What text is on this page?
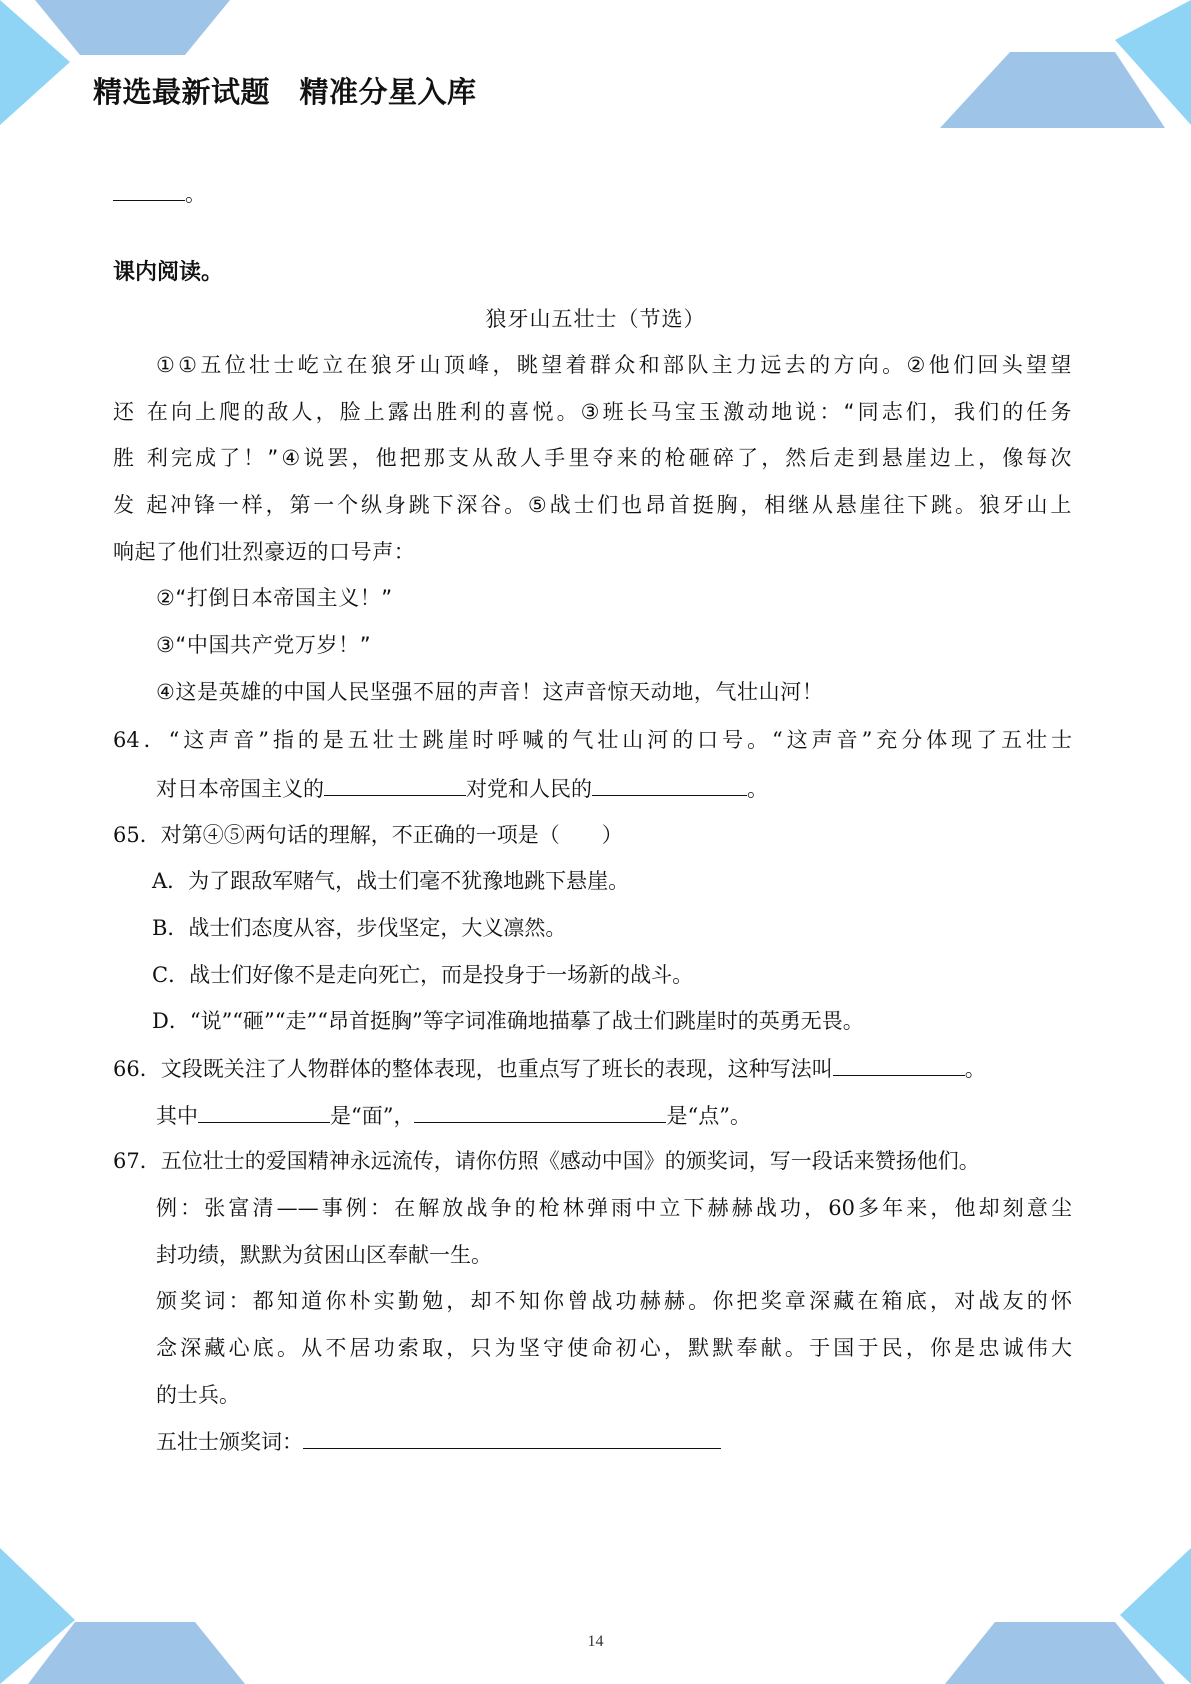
精选最新试题　精准分星入库
。
课内阅读。
狼牙山五壮士（节选）
①①五位壮士屹立在狼牙山顶峰，眺望着群众和部队主力远去的方向。②他们回头望望
还 在向上爬的敌人，脸上露出胜利的喜悦。③班长马宝玉激动地说：“同志们，我们的任务
胜 利完成了！”④说罢，他把那支从敌人手里夺来的枪砸碎了，然后走到悬崖边上，像每次
发 起冲锋一样，第一个纵身跳下深谷。⑤战士们也昂首挺胸，相继从悬崖往下跳。狼牙山上
响起了他们壮烈豪迈的口号声：
②“打倒日本帝国主义！”
③“中国共产党万岁！”
④这是英雄的中国人民坚强不屈的声音！这声音惊天动地，气壮山河！
64．“这声音”指的是五壮士跳崖时呼喊的气壮山河的口号。“这声音”充分体现了五壮士
对日本帝国主义的	对党和人民的	。
65．对第④⑤两句话的理解，不正确的一项是（　　）
A．为了跟敌军赌气，战士们毫不犹豫地跳下悬崖。
B．战士们态度从容，步伐坚定，大义凛然。
C．战士们好像不是走向死亡，而是投身于一场新的战斗。
D．“说”“砸”“走”“昂首挺胸”等字词准确地描摹了战士们跳崖时的英勇无畏。
66．文段既关注了人物群体的整体表现，也重点写了班长的表现，这种写法叫	。
其中	是“面”，	是“点”。
67．五位壮士的爱国精神永远流传，请你仿照《感动中国》的颁奖词，写一段话来赞扬他们。
例：张富清——事例：在解放战争的枪林弹雨中立下赫赫战功，60多年来，他却刻意尘
封功绩，默默为贫困山区奉献一生。
颁奖词：都知道你朴实勤勉，却不知你曾战功赫赫。你把奖章深藏在箱底，对战友的怀
念深藏心底。从不居功索取，只为坚守使命初心，默默奉献。于国于民，你是忠诚伟大
的士兵。
五壮士颁奖词：
14
